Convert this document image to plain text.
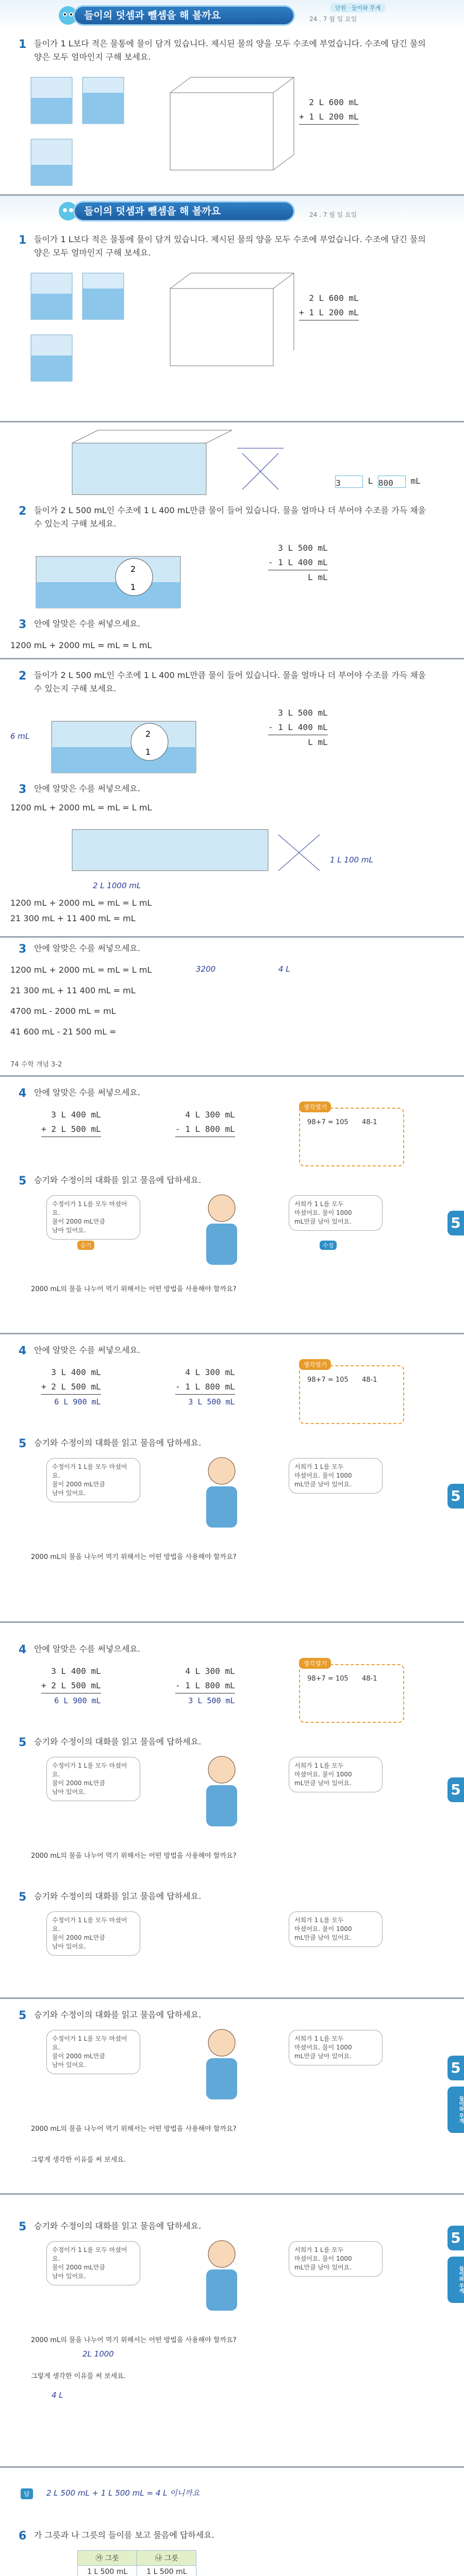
들이의 덧셈과 뺄셈을 해 볼까요
단원 · 들이와 무게
24 . 7 월 일 요일
1 들이가 1 L보다 적은 물통에 물이 담겨 있습니다. 제시된 물의 양을 모두 수조에 부었습니다. 수조에 담긴 물의 양은 모두 얼마인지 구해 보세요.
2 L 600 mL
+ 1 L 200 mL

들이의 덧셈과 뺄셈을 해 볼까요	24 . 7 월 일 요일
1 들이가 1 L보다 적은 물통에 물이 담겨 있습니다. 제시된 물의 양을 모두 수조에 부었습니다. 수조에 담긴 물의 양은 모두 얼마인지 구해 보세요.
2 L 600 mL
+ 1 L 200 mL

3	L 800 mL
2 들이가 2 L 500 mL인 수조에 1 L 400 mL만큼 물이 들어 있습니다. 물을 얼마나 더 부어야 수조를 가득 채울 수 있는지 구해 보세요.
2
1
3 L 500 mL
- 1 L 400 mL
L mL
3 안에 알맞은 수를 써넣으세요.
1200 mL + 2000 mL = mL = L mL
2 들이가 2 L 500 mL인 수조에 1 L 400 mL만큼 물이 들어 있습니다. 물을 얼마나 더 부어야 수조를 가득 채울 수 있는지 구해 보세요.
2
1
6 mL
3 L 500 mL
- 1 L 400 mL
L mL
3 안에 알맞은 수를 써넣으세요.
1200 mL + 2000 mL = mL = L mL
1 L 100 mL
2 L 1000 mL
1200 mL + 2000 mL = mL = L mL
21 300 mL + 11 400 mL = mL
3 안에 알맞은 수를 써넣으세요.
1200 mL + 2000 mL = mL = L mL
21 300 mL + 11 400 mL = mL
4700 mL - 2000 mL = mL
41 600 mL - 21 500 mL =
3200	4 L
74 수학 개념 3-2
4 안에 알맞은 수를 써넣으세요.
3 L 400 mL
+ 2 L 500 mL

4 L 300 mL
- 1 L 800 mL

생각열기
98+7 = 105 48-1
5 승기와 수정이의 대화를 읽고 물음에 답하세요.
수정이가 1 L를 모두 마셨어요.
물이 2000 mL만큼
남아 있어요.
서희가 1 L를 모두
마셨어요. 물이 1000
mL만큼 남아 있어요.
승기	수정
2000 mL의 물을 나누어 먹기 위해서는 어떤 방법을 사용해야 할까요?
5
4 안에 알맞은 수를 써넣으세요.
3 L 400 mL
+ 2 L 500 mL
6 L 900 mL
4 L 300 mL
- 1 L 800 mL
3 L 500 mL
생각열기
98+7 = 105 48-1
5 승기와 수정이의 대화를 읽고 물음에 답하세요.
수정이가 1 L를 모두 마셨어요.
물이 2000 mL만큼
남아 있어요.
서희가 1 L를 모두
마셨어요. 물이 1000
mL만큼 남아 있어요.
2000 mL의 물을 나누어 먹기 위해서는 어떤 방법을 사용해야 할까요?
5
4 안에 알맞은 수를 써넣으세요.
3 L 400 mL
+ 2 L 500 mL
6 L 900 mL
4 L 300 mL
- 1 L 800 mL
3 L 500 mL
생각열기
98+7 = 105 48-1
5 승기와 수정이의 대화를 읽고 물음에 답하세요.
수정이가 1 L를 모두 마셨어요.
물이 2000 mL만큼
남아 있어요.
서희가 1 L를 모두
마셨어요. 물이 1000
mL만큼 남아 있어요.
2000 mL의 물을 나누어 먹기 위해서는 어떤 방법을 사용해야 할까요?
5
5 승기와 수정이의 대화를 읽고 물음에 답하세요.
수정이가 1 L를 모두 마셨어요.
물이 2000 mL만큼
남아 있어요.
서희가 1 L를 모두
마셨어요. 물이 1000
mL만큼 남아 있어요.
5 승기와 수정이의 대화를 읽고 물음에 답하세요.
수정이가 1 L를 모두 마셨어요.
물이 2000 mL만큼
남아 있어요.
서희가 1 L를 모두
마셨어요. 물이 1000
mL만큼 남아 있어요.
2000 mL의 물을 나누어 먹기 위해서는 어떤 방법을 사용해야 할까요?
그렇게 생각한 이유를 써 보세요.
5
들이와 무게
5 승기와 수정이의 대화를 읽고 물음에 답하세요.
수정이가 1 L를 모두 마셨어요.
물이 2000 mL만큼
남아 있어요.
서희가 1 L를 모두
마셨어요. 물이 1000
mL만큼 남아 있어요.
2000 mL의 물을 나누어 먹기 위해서는 어떤 방법을 사용해야 할까요?
2L 1000
그렇게 생각한 이유를 써 보세요.
4 L
5
들이와 무게
답	2 L 500 mL + 1 L 500 mL = 4 L 이니까요
6 가 그릇과 나 그릇의 들이를 보고 물음에 답하세요.
㉮ 그릇	㉯ 그릇
1 L 500 mL	1 L 500 mL
